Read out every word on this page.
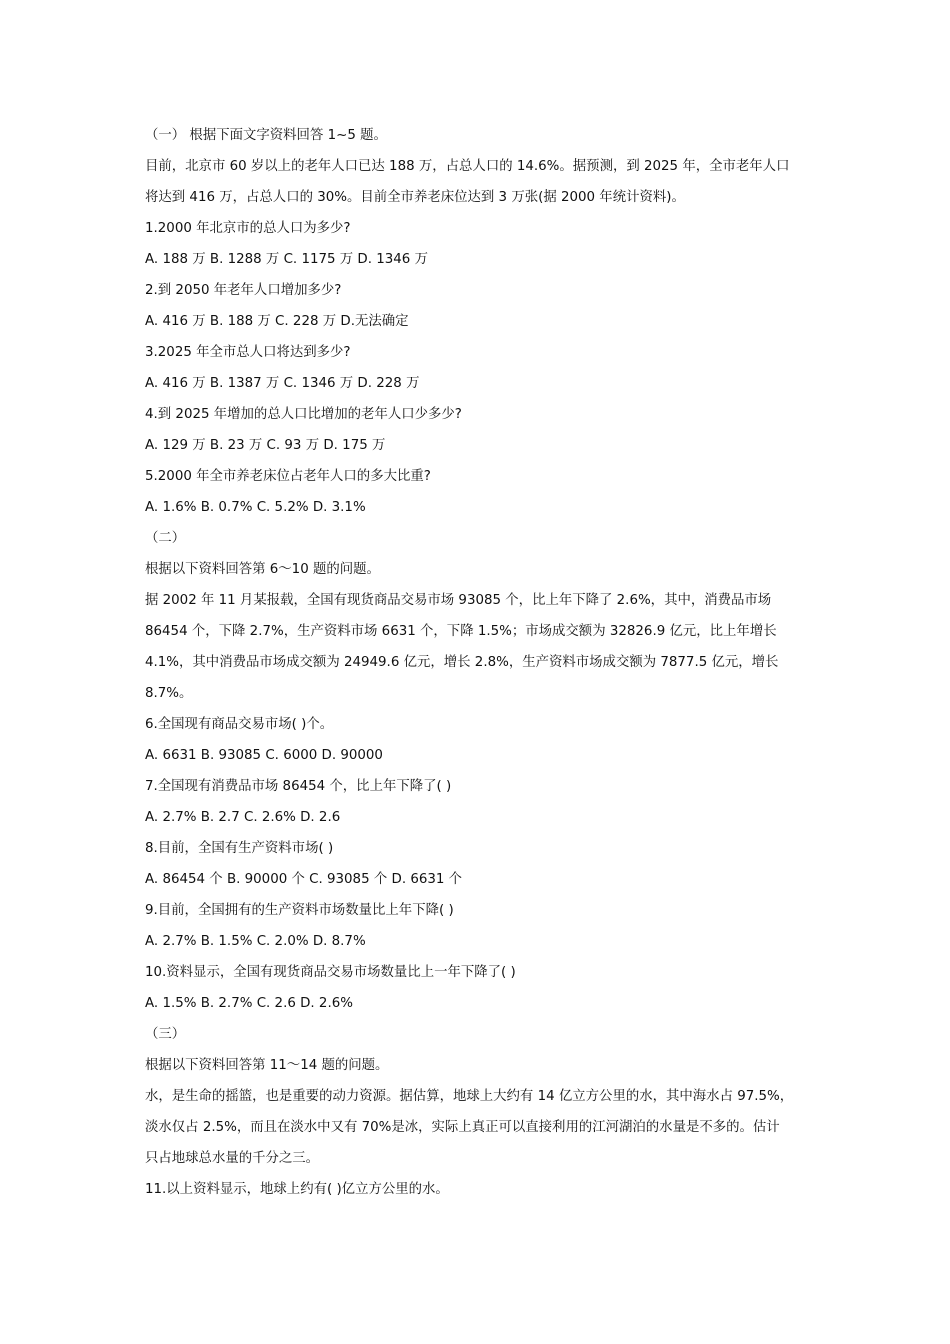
（一） 根据下面文字资料回答 1~5 题。
目前，北京市 60 岁以上的老年人口已达 188 万，占总人口的 14.6%。据预测，到 2025 年，全市老年人口
将达到 416 万，占总人口的 30%。目前全市养老床位达到 3 万张(据 2000 年统计资料)。
1.2000 年北京市的总人口为多少?
A. 188 万 B. 1288 万 C. 1175 万 D. 1346 万
2.到 2050 年老年人口增加多少?
A. 416 万 B. 188 万 C. 228 万 D.无法确定
3.2025 年全市总人口将达到多少?
A. 416 万 B. 1387 万 C. 1346 万 D. 228 万
4.到 2025 年增加的总人口比增加的老年人口少多少?
A. 129 万 B. 23 万 C. 93 万 D. 175 万
5.2000 年全市养老床位占老年人口的多大比重?
A. 1.6% B. 0.7% C. 5.2% D. 3.1%
（二）
根据以下资料回答第 6～10 题的问题。
据 2002 年 11 月某报载，全国有现货商品交易市场 93085 个，比上年下降了 2.6%，其中，消费品市场
86454 个，下降 2.7%，生产资料市场 6631 个，下降 1.5%；市场成交额为 32826.9 亿元，比上年增长
4.1%，其中消费品市场成交额为 24949.6 亿元，增长 2.8%，生产资料市场成交额为 7877.5 亿元，增长
8.7%。
6.全国现有商品交易市场( )个。
A. 6631 B. 93085 C. 6000 D. 90000
7.全国现有消费品市场 86454 个，比上年下降了( )
A. 2.7% B. 2.7 C. 2.6% D. 2.6
8.目前，全国有生产资料市场( )
A. 86454 个 B. 90000 个 C. 93085 个 D. 6631 个
9.目前，全国拥有的生产资料市场数量比上年下降( )
A. 2.7% B. 1.5% C. 2.0% D. 8.7%
10.资料显示，全国有现货商品交易市场数量比上一年下降了( )
A. 1.5% B. 2.7% C. 2.6 D. 2.6%
（三）
根据以下资料回答第 11～14 题的问题。
水，是生命的摇篮，也是重要的动力资源。据估算，地球上大约有 14 亿立方公里的水，其中海水占 97.5%，
淡水仅占 2.5%，而且在淡水中又有 70%是冰，实际上真正可以直接利用的江河湖泊的水量是不多的。估计
只占地球总水量的千分之三。
11.以上资料显示，地球上约有( )亿立方公里的水。
